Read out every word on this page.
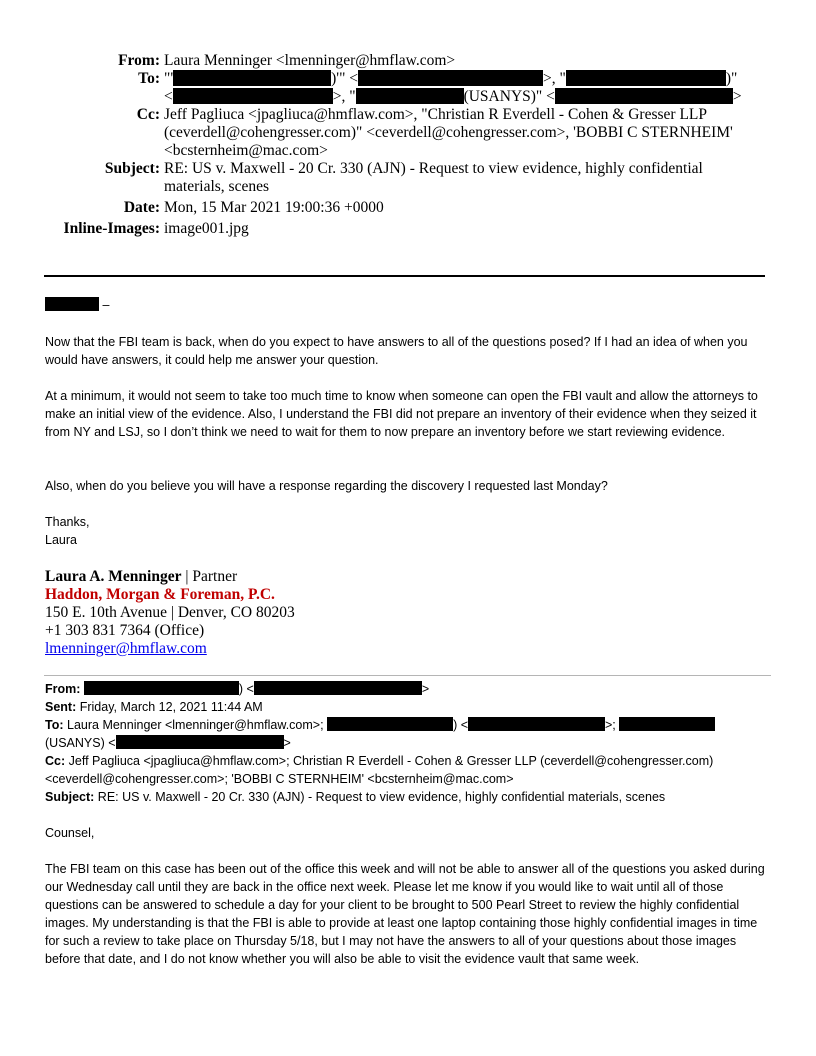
From: Laura Menninger <lmenninger@hmflaw.com>
To: "'	)'" <	>, "	)"
<	>, "	(USANYS)" <	>
Cc: Jeff Pagliuca <jpagliuca@hmflaw.com>, "Christian R Everdell - Cohen & Gresser LLP (ceverdell@cohengresser.com)" <ceverdell@cohengresser.com>, 'BOBBI C STERNHEIM' <bcsternheim@mac.com>
Subject: RE: US v. Maxwell - 20 Cr. 330 (AJN) - Request to view evidence, highly confidential materials, scenes
Date: Mon, 15 Mar 2021 19:00:36 +0000
Inline-Images: image001.jpg
–
Now that the FBI team is back, when do you expect to have answers to all of the questions posed? If I had an idea of when you would have answers, it could help me answer your question.
At a minimum, it would not seem to take too much time to know when someone can open the FBI vault and allow the attorneys to make an initial view of the evidence. Also, I understand the FBI did not prepare an inventory of their evidence when they seized it from NY and LSJ, so I don’t think we need to wait for them to now prepare an inventory before we start reviewing evidence.
Also, when do you believe you will have a response regarding the discovery I requested last Monday?
Thanks,
Laura
Laura A. Menninger | Partner
Haddon, Morgan & Foreman, P.C.
150 E. 10th Avenue | Denver, CO 80203
+1 303 831 7364 (Office)
lmenninger@hmflaw.com
From:	) <	>
Sent: Friday, March 12, 2021 11:44 AM
To: Laura Menninger <lmenninger@hmflaw.com>;	) <	>;
(USANYS) <	>
Cc: Jeff Pagliuca <jpagliuca@hmflaw.com>; Christian R Everdell - Cohen & Gresser LLP (ceverdell@cohengresser.com) <ceverdell@cohengresser.com>; 'BOBBI C STERNHEIM' <bcsternheim@mac.com>
Subject: RE: US v. Maxwell - 20 Cr. 330 (AJN) - Request to view evidence, highly confidential materials, scenes
Counsel,
The FBI team on this case has been out of the office this week and will not be able to answer all of the questions you asked during our Wednesday call until they are back in the office next week. Please let me know if you would like to wait until all of those questions can be answered to schedule a day for your client to be brought to 500 Pearl Street to review the highly confidential images. My understanding is that the FBI is able to provide at least one laptop containing those highly confidential images in time for such a review to take place on Thursday 5/18, but I may not have the answers to all of your questions about those images before that date, and I do not know whether you will also be able to visit the evidence vault that same week.
